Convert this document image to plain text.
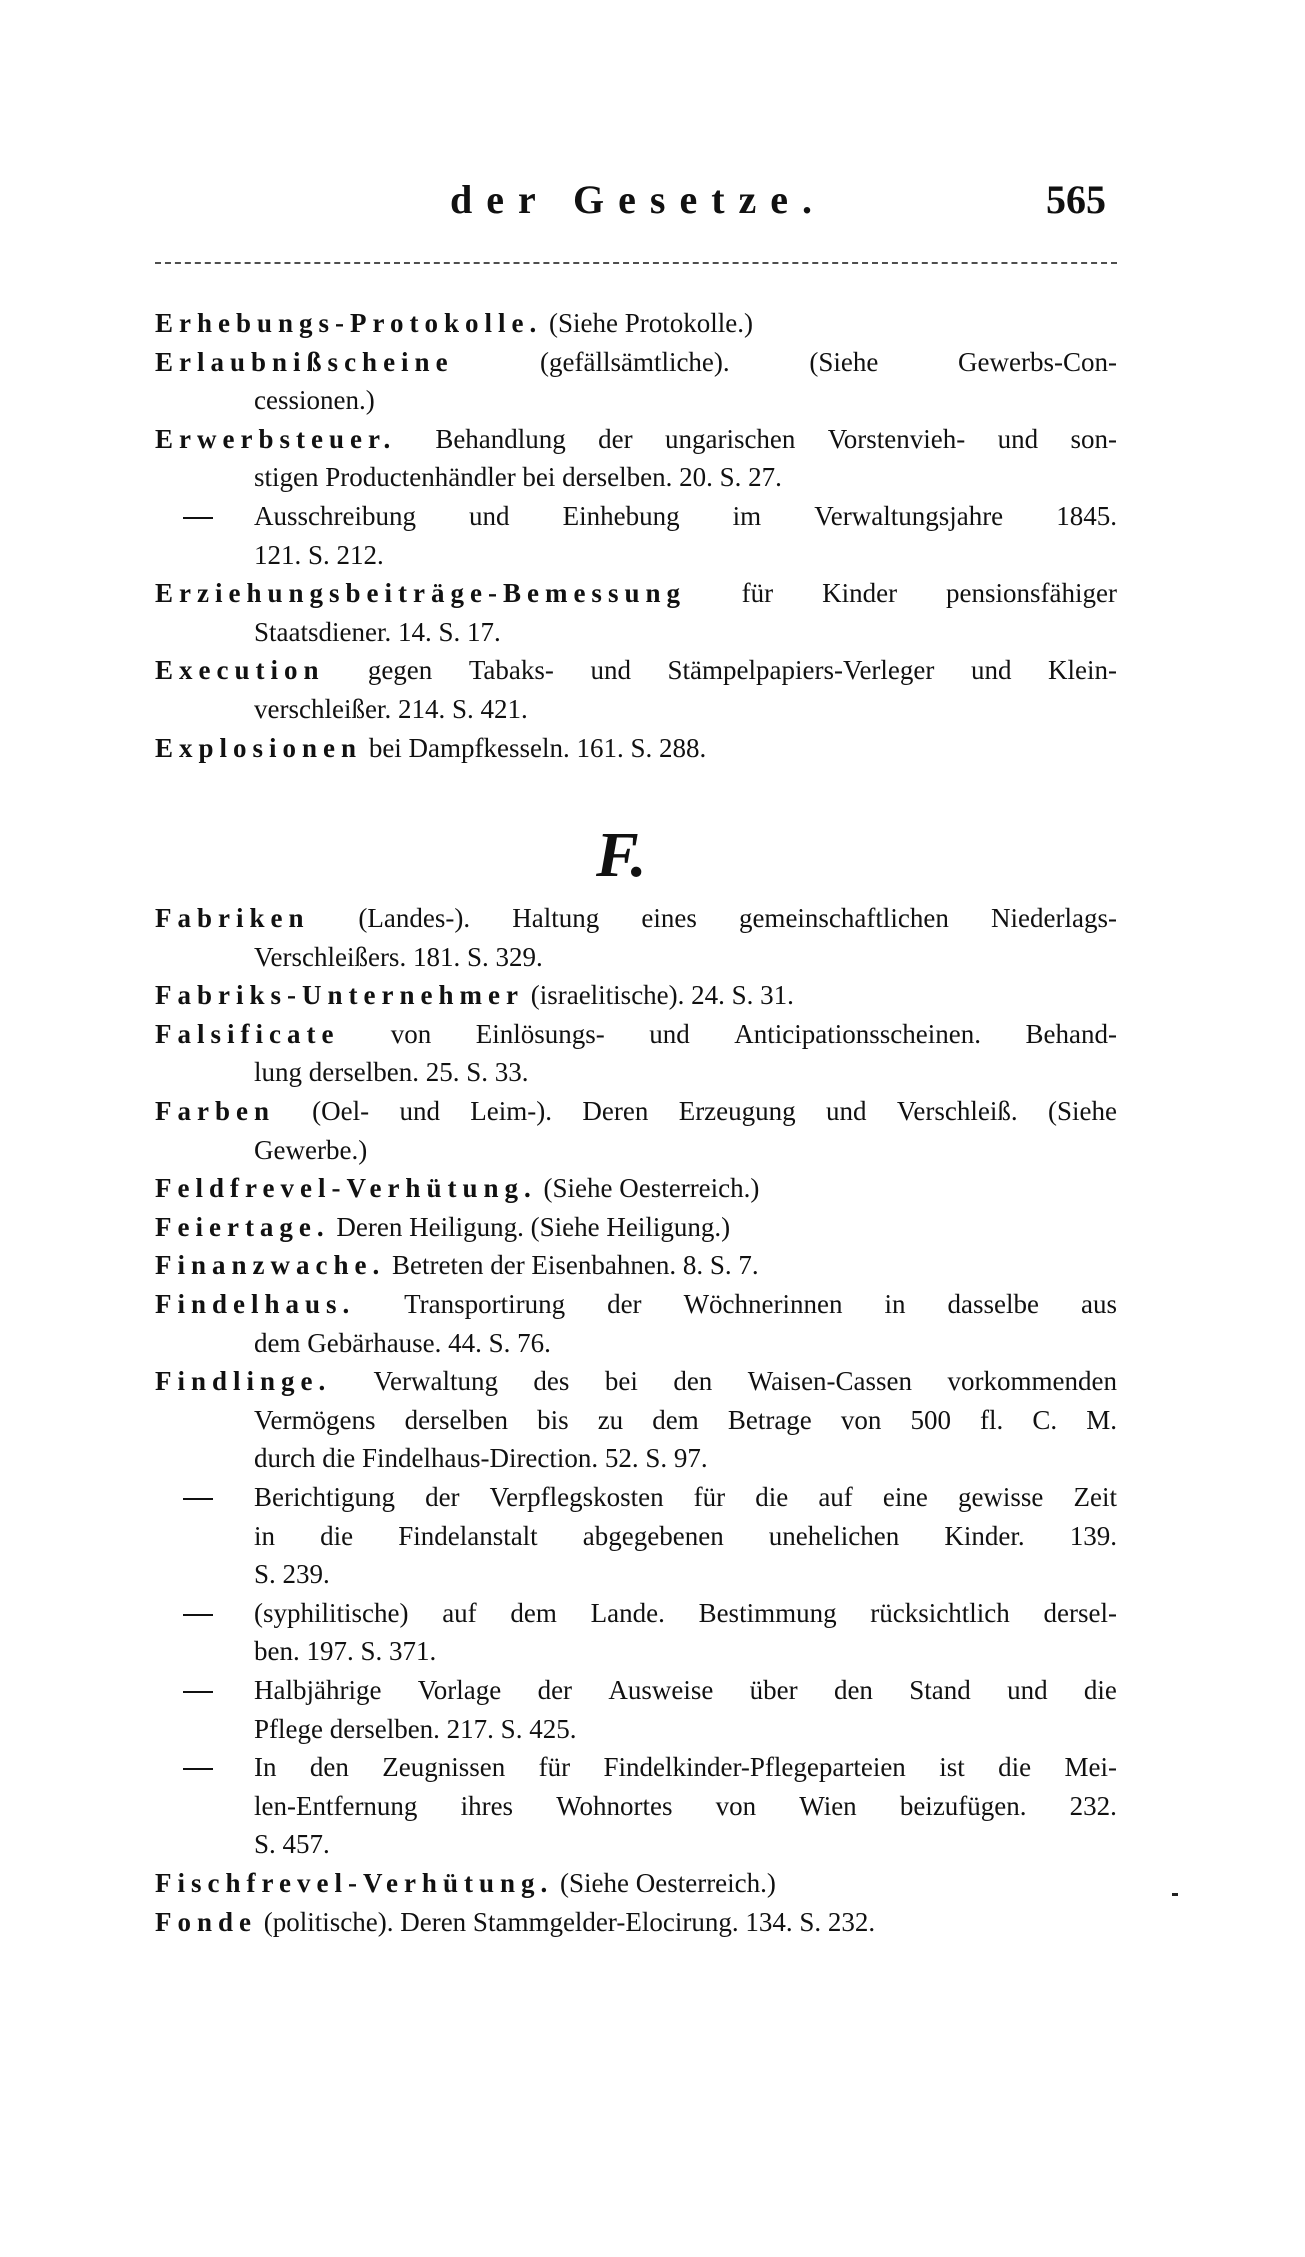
der Gesetze.	565
Erhebungs-Protokolle. (Siehe Protokolle.)
Erlaubnißscheine	(gefällsämtliche).	(Siehe	Gewerbs-Con-
cessionen.)
Erwerbsteuer. Behandlung der ungarischen Vorstenvieh- und son-
stigen Productenhändler bei derselben. 20. S. 27.
Ausschreibung und Einhebung im Verwaltungsjahre 1845.
121. S. 212.
Erziehungsbeiträge-Bemessung für Kinder pensionsfähiger
Staatsdiener. 14. S. 17.
Execution gegen Tabaks- und Stämpelpapiers-Verleger und Klein-
verschleißer. 214. S. 421.
Explosionen bei Dampfkesseln. 161. S. 288.
F.
Fabriken (Landes-). Haltung eines gemeinschaftlichen Niederlags-
Verschleißers. 181. S. 329.
Fabriks-Unternehmer (israelitische). 24. S. 31.
Falsificate von Einlösungs- und Anticipationsscheinen. Behand-
lung derselben. 25. S. 33.
Farben (Oel- und Leim-). Deren Erzeugung und Verschleiß. (Siehe
Gewerbe.)
Feldfrevel-Verhütung. (Siehe Oesterreich.)
Feiertage. Deren Heiligung. (Siehe Heiligung.)
Finanzwache. Betreten der Eisenbahnen. 8. S. 7.
Findelhaus. Transportirung der Wöchnerinnen in dasselbe aus
dem Gebärhause. 44. S. 76.
Findlinge. Verwaltung des bei den Waisen-Cassen vorkommenden
Vermögens derselben bis zu dem Betrage von 500 fl. C. M.
durch die Findelhaus-Direction. 52. S. 97.
Berichtigung der Verpflegskosten für die auf eine gewisse Zeit
in die Findelanstalt abgegebenen unehelichen Kinder. 139.
S. 239.
(syphilitische) auf dem Lande. Bestimmung rücksichtlich dersel-
ben. 197. S. 371.
Halbjährige Vorlage der Ausweise über den Stand und die
Pflege derselben. 217. S. 425.
In den Zeugnissen für Findelkinder-Pflegeparteien ist die Mei-
len-Entfernung ihres Wohnortes von Wien beizufügen. 232.
S. 457.
Fischfrevel-Verhütung. (Siehe Oesterreich.)
Fonde (politische). Deren Stammgelder-Elocirung. 134. S. 232.
